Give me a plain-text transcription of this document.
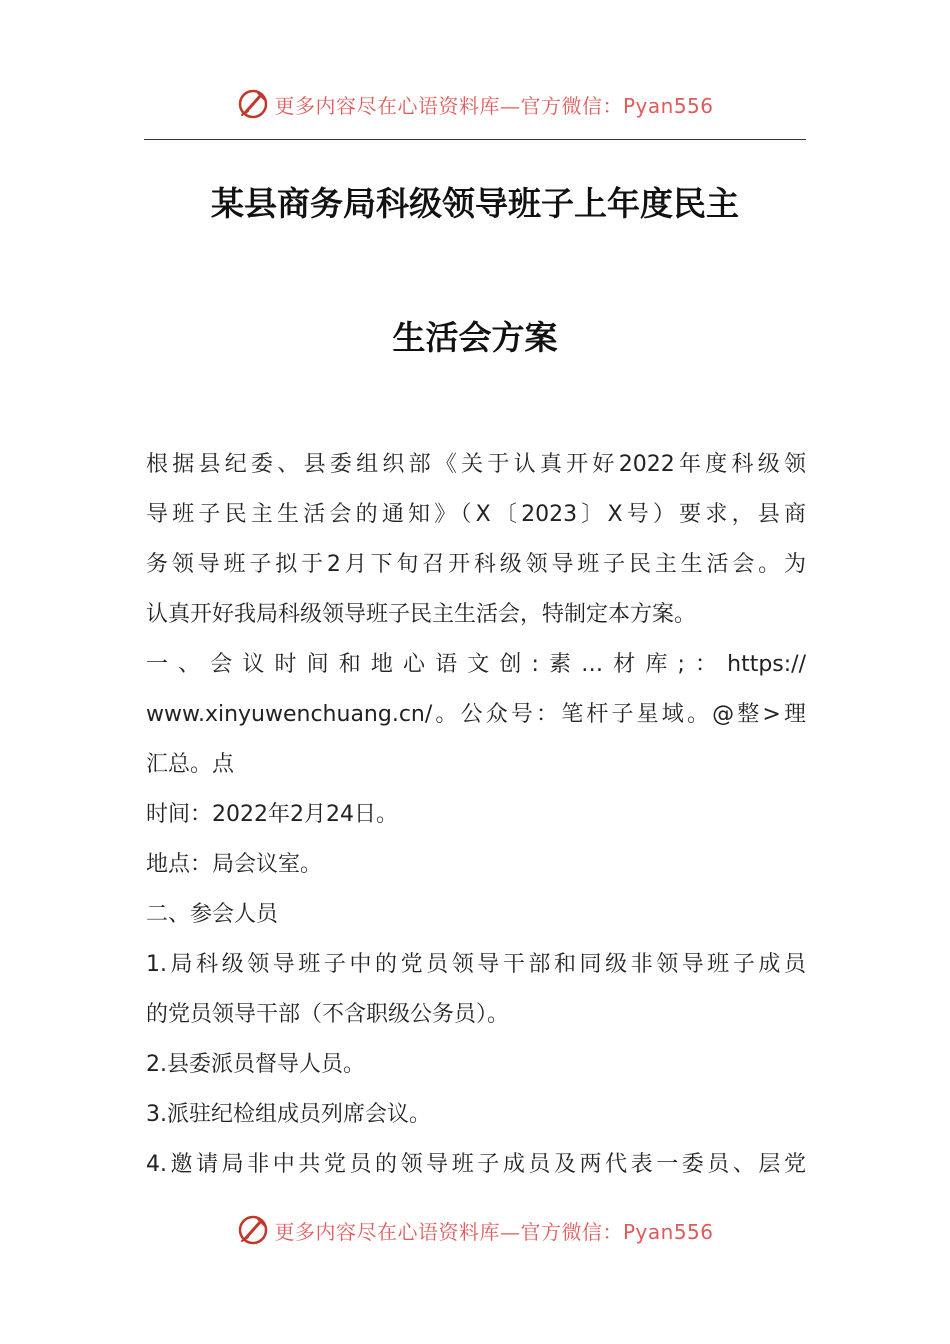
更多内容尽在心语资料库—官方微信：Pyan556
某县商务局科级领导班子上年度民主
生活会方案

根据县纪委、县委组织部《关于认真开好2022年度科级领
导班子民主生活会的通知》（X〔2023〕X号）要求，县商
务领导班子拟于2月下旬召开科级领导班子民主生活会。为
认真开好我局科级领导班子民主生活会，特制定本方案。

一、会议时间和地心语文创:素…材库;：https://
www.xinyuwenchuang.cn/。公众号：笔杆子星域。@整>理
汇总。点

时间：2022年2月24日。

地点：局会议室。

二、参会人员

1.局科级领导班子中的党员领导干部和同级非领导班子成员
的党员领导干部（不含职级公务员）。
2.县委派员督导人员。
3.派驻纪检组成员列席会议。
4.邀请局非中共党员的领导班子成员及两代表一委员、层党

更多内容尽在心语资料库—官方微信：Pyan556
